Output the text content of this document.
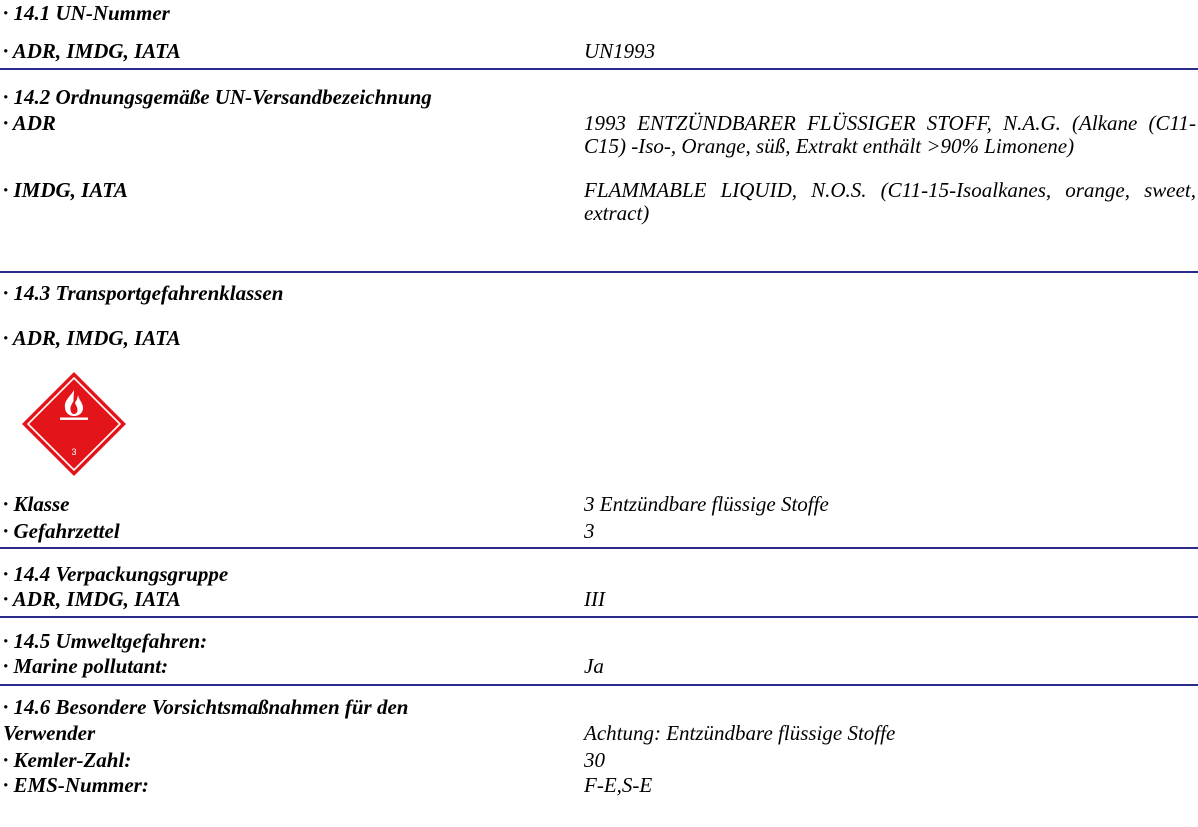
· 14.1 UN-Nummer
· ADR, IMDG, IATA	UN1993
· 14.2 Ordnungsgemäße UN-Versandbezeichnung
· ADR	1993 ENTZÜNDBARER FLÜSSIGER STOFF, N.A.G. (Alkane (C11-C15) -Iso-, Orange, süß, Extrakt enthält >90% Limonene)
· IMDG, IATA	FLAMMABLE LIQUID, N.O.S. (C11-15-Isoalkanes, orange, sweet, extract)
· 14.3 Transportgefahrenklassen
· ADR, IMDG, IATA
3
· Klasse	3 Entzündbare flüssige Stoffe
· Gefahrzettel	3
· 14.4 Verpackungsgruppe
· ADR, IMDG, IATA	III
· 14.5 Umweltgefahren:
· Marine pollutant:	Ja
· 14.6 Besondere Vorsichtsmaßnahmen für den
Verwender	Achtung: Entzündbare flüssige Stoffe
· Kemler-Zahl:	30
· EMS-Nummer:	F-E,S-E
